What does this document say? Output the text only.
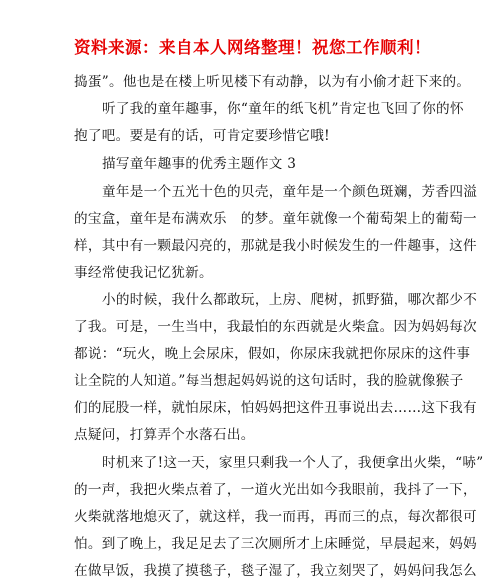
资料来源：来自本人网络整理！祝您工作顺利！
捣蛋”。他也是在楼上听见楼下有动静，以为有小偷才赶下来的。
听了我的童年趣事，你“童年的纸飞机”肯定也飞回了你的怀
抱了吧。要是有的话，可肯定要珍惜它哦!
描写童年趣事的优秀主题作文 3
童年是一个五光十色的贝壳，童年是一个颜色斑斓，芳香四溢
的宝盒，童年是布满欢乐　的梦。童年就像一个葡萄架上的葡萄一
样，其中有一颗最闪亮的，那就是我小时候发生的一件趣事，这件
事经常使我记忆犹新。
小的时候，我什么都敢玩，上房、爬树，抓野猫，哪次都少不
了我。可是，一生当中，我最怕的东西就是火柴盒。因为妈妈每次
都说：“玩火，晚上会尿床，假如，你尿床我就把你尿床的这件事
让全院的人知道。”每当想起妈妈说的这句话时，我的脸就像猴子
们的屁股一样，就怕尿床，怕妈妈把这件丑事说出去……这下我有
点疑问，打算弄个水落石出。
时机来了!这一天，家里只剩我一个人了，我便拿出火柴，“哧”
的一声，我把火柴点着了，一道火光出如今我眼前，我抖了一下，
火柴就落地熄灭了，就这样，我一而再，再而三的点，每次都很可
怕。到了晚上，我足足去了三次厕所才上床睡觉，早晨起来，妈妈
在做早饭，我摸了摸毯子，毯子湿了，我立刻哭了，妈妈问我怎么
